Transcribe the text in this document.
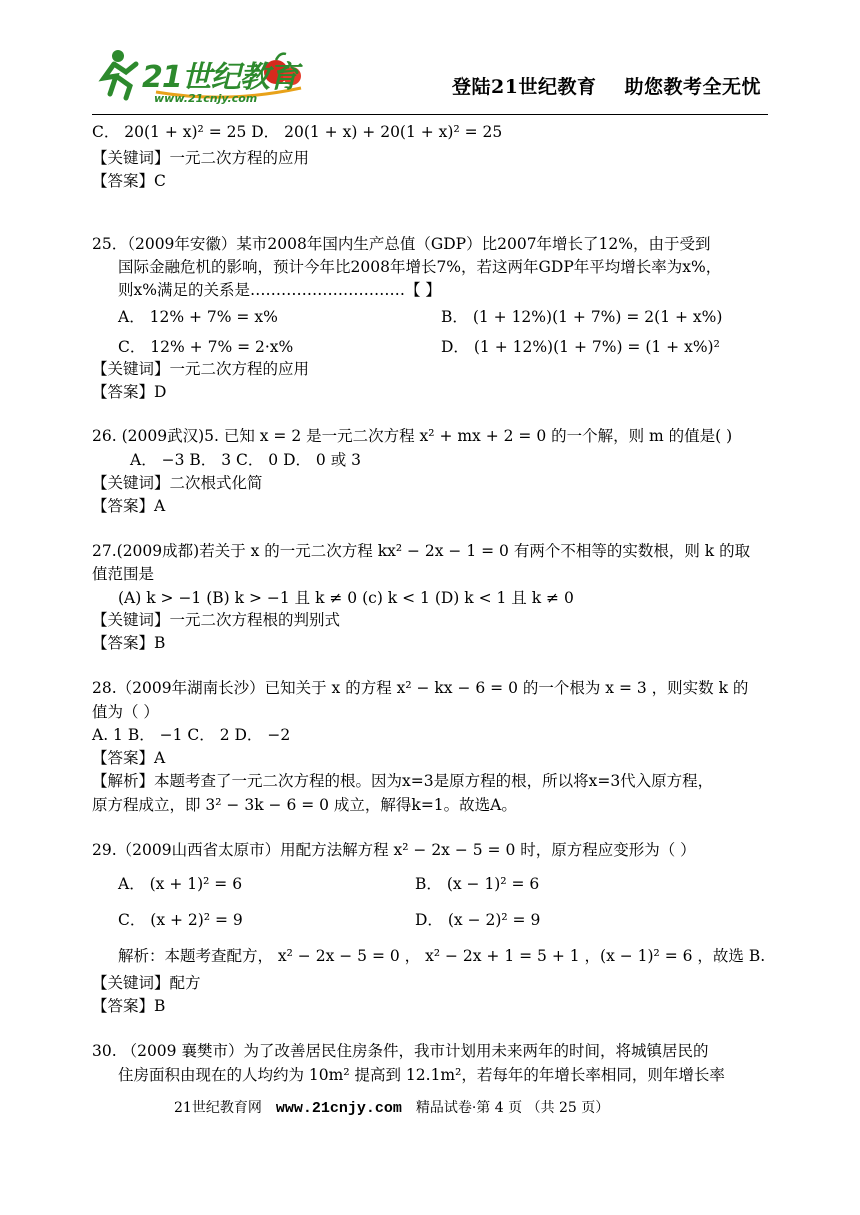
21世纪教育
www.21cnjy.com
登陆21世纪教育 助您教考全无忧
C． 20(1 + x)² = 25 D． 20(1 + x) + 20(1 + x)² = 25
【关键词】一元二次方程的应用
【答案】C
25．（2009年安徽）某市2008年国内生产总值（GDP）比2007年增长了12%，由于受到
国际金融危机的影响，预计今年比2008年增长7%，若这两年GDP年平均增长率为x%，
则x%满足的关系是…………………………【 】
A． 12% + 7% = x%	B． (1 + 12%)(1 + 7%) = 2(1 + x%)
C． 12% + 7% = 2·x%	D． (1 + 12%)(1 + 7%) = (1 + x%)²
【关键词】一元二次方程的应用
【答案】D
26. (2009武汉)5. 已知 x = 2 是一元二次方程 x² + mx + 2 = 0 的一个解，则 m 的值是( )
A． −3 B． 3 C． 0 D． 0 或 3
【关键词】二次根式化简
【答案】A
27.(2009成都)若关于 x 的一元二次方程 kx² − 2x − 1 = 0 有两个不相等的实数根，则 k 的取
值范围是
(A) k > −1 (B) k > −1 且 k ≠ 0 (c) k < 1 (D) k < 1 且 k ≠ 0
【关键词】一元二次方程根的判别式
【答案】B
28.（2009年湖南长沙）已知关于 x 的方程 x² − kx − 6 = 0 的一个根为 x = 3 ，则实数 k 的
值为（ ）
A. 1 B． −1 C． 2 D． −2
【答案】A
【解析】本题考查了一元二次方程的根。因为x=3是原方程的根，所以将x=3代入原方程，
原方程成立，即 3² − 3k − 6 = 0 成立，解得k=1。故选A。
29.（2009山西省太原市）用配方法解方程 x² − 2x − 5 = 0 时，原方程应变形为（ ）
A． (x + 1)² = 6	B． (x − 1)² = 6
C． (x + 2)² = 9	D． (x − 2)² = 9
解析：本题考查配方， x² − 2x − 5 = 0 ， x² − 2x + 1 = 5 + 1 ，(x − 1)² = 6 ，故选 B.
【关键词】配方
【答案】B
30. （2009 襄樊市）为了改善居民住房条件，我市计划用未来两年的时间，将城镇居民的
住房面积由现在的人均约为 10m² 提高到 12.1m²，若每年的年增长率相同，则年增长率
21世纪教育网 www.21cnjy.com 精品试卷·第 4 页 （共 25 页）
